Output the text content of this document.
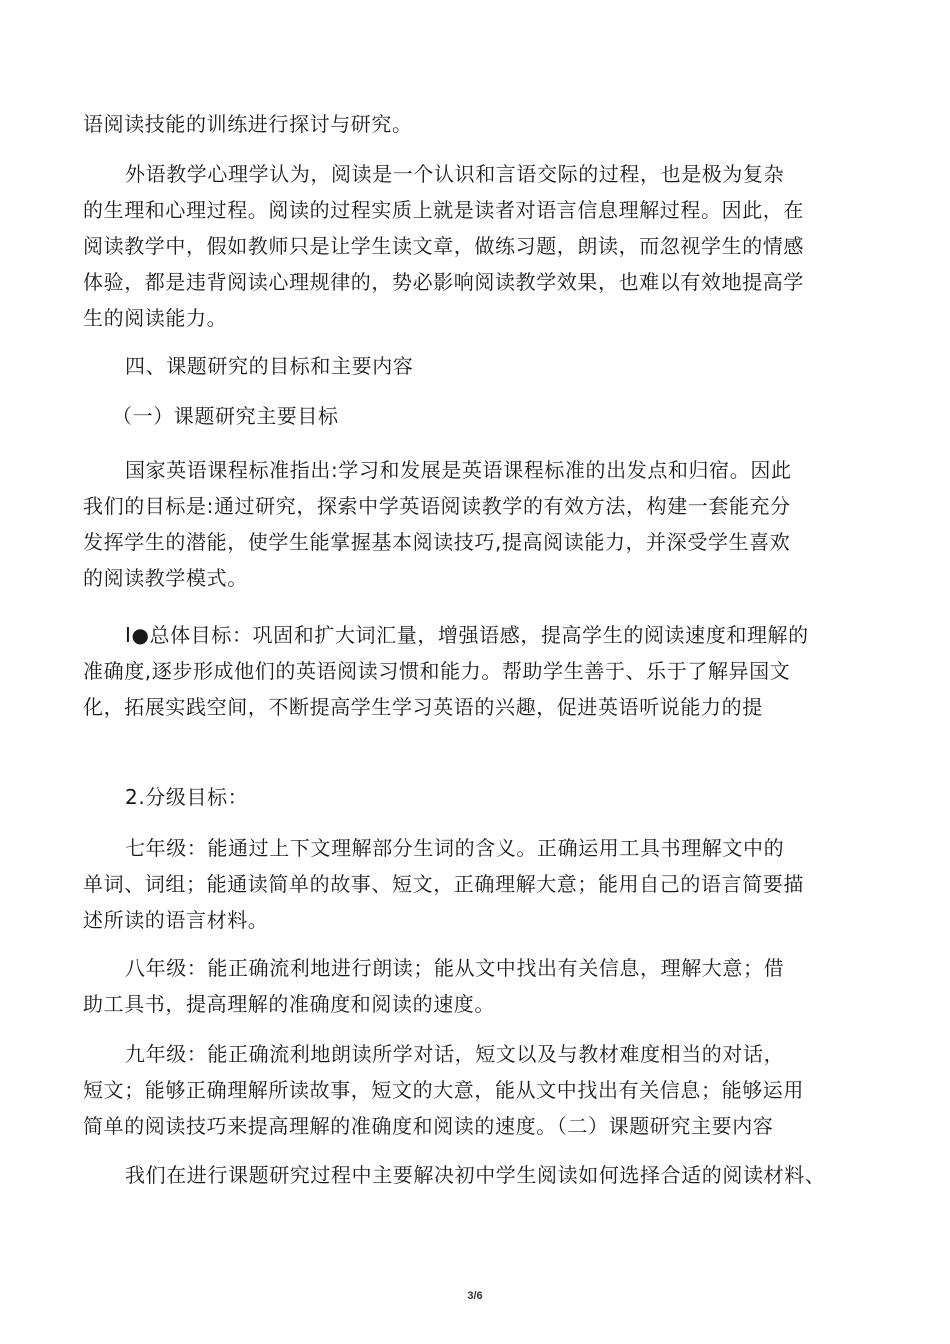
语阅读技能的训练进行探讨与研究。

外语教学心理学认为，阅读是一个认识和言语交际的过程，也是极为复杂
的生理和心理过程。阅读的过程实质上就是读者对语言信息理解过程。因此，在
阅读教学中，假如教师只是让学生读文章，做练习题，朗读，而忽视学生的情感
体验，都是违背阅读心理规律的，势必影响阅读教学效果，也难以有效地提高学
生的阅读能力。

四、课题研究的目标和主要内容

（一）课题研究主要目标

国家英语课程标准指出:学习和发展是英语课程标准的出发点和归宿。因此
我们的目标是:通过研究，探索中学英语阅读教学的有效方法，构建一套能充分
发挥学生的潜能，使学生能掌握基本阅读技巧,提高阅读能力，并深受学生喜欢
的阅读教学模式。

I●总体目标：巩固和扩大词汇量，增强语感，提高学生的阅读速度和理解的
准确度,逐步形成他们的英语阅读习惯和能力。帮助学生善于、乐于了解异国文
化，拓展实践空间，不断提高学生学习英语的兴趣，促进英语听说能力的提

2.分级目标：

七年级：能通过上下文理解部分生词的含义。正确运用工具书理解文中的
单词、词组；能通读简单的故事、短文，正确理解大意；能用自己的语言简要描
述所读的语言材料。

八年级：能正确流利地进行朗读；能从文中找出有关信息，理解大意；借
助工具书，提高理解的准确度和阅读的速度。

九年级：能正确流利地朗读所学对话，短文以及与教材难度相当的对话，
短文；能够正确理解所读故事，短文的大意，能从文中找出有关信息；能够运用
简单的阅读技巧来提高理解的准确度和阅读的速度。（二）课题研究主要内容

我们在进行课题研究过程中主要解决初中学生阅读如何选择合适的阅读材料、

3/6
